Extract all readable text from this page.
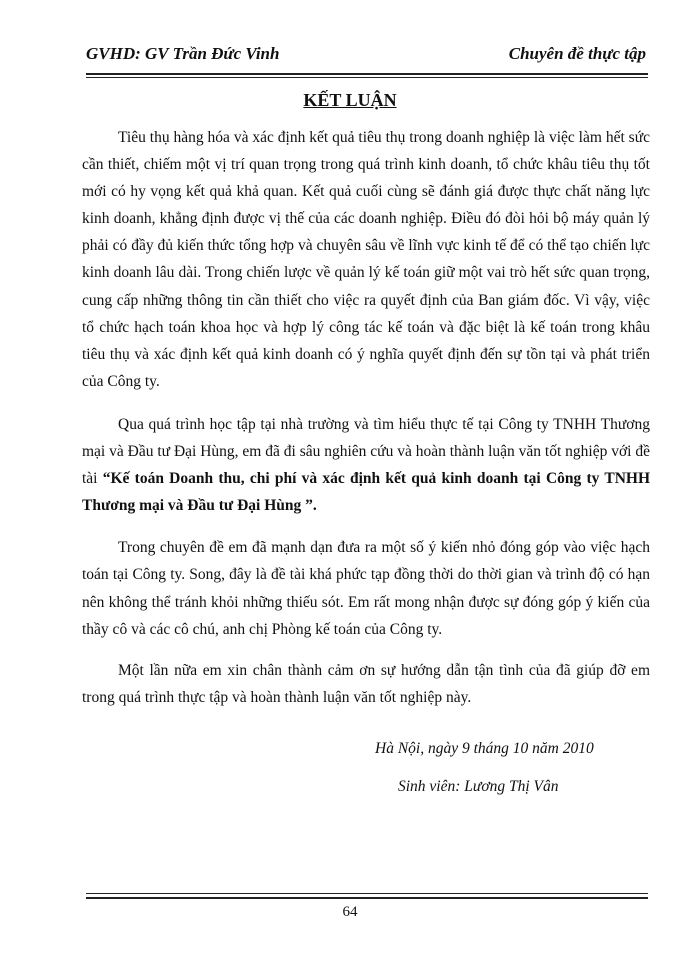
GVHD: GV Trần Đức Vinh	Chuyên đề thực tập
KẾT LUẬN

Tiêu thụ hàng hóa và xác định kết quả tiêu thụ trong doanh nghiệp là việc làm hết sức cần thiết, chiếm một vị trí quan trọng trong quá trình kinh doanh, tổ chức khâu tiêu thụ tốt mới có hy vọng kết quả khả quan. Kết quả cuối cùng sẽ đánh giá được thực chất năng lực kinh doanh, khẳng định được vị thế của các doanh nghiệp. Điều đó đòi hỏi bộ máy quản lý phải có đầy đủ kiến thức tổng hợp và chuyên sâu về lĩnh vực kinh tế để có thể tạo chiến lực kinh doanh lâu dài. Trong chiến lược về quản lý kế toán giữ một vai trò hết sức quan trọng, cung cấp những thông tin cần thiết cho việc ra quyết định của Ban giám đốc. Vì vậy, việc tổ chức hạch toán khoa học và hợp lý công tác kế toán và đặc biệt là kế toán trong khâu tiêu thụ và xác định kết quả kinh doanh có ý nghĩa quyết định đến sự tồn tại và phát triển của Công ty.

Qua quá trình học tập tại nhà trường và tìm hiểu thực tế tại Công ty TNHH Thương mại và Đầu tư Đại Hùng, em đã đi sâu nghiên cứu và hoàn thành luận văn tốt nghiệp với đề tài “Kế toán Doanh thu, chi phí và xác định kết quả kinh doanh tại Công ty TNHH Thương mại và Đầu tư Đại Hùng ”.

Trong chuyên đề em đã mạnh dạn đưa ra một số ý kiến nhỏ đóng góp vào việc hạch toán tại Công ty. Song, đây là đề tài khá phức tạp đồng thời do thời gian và trình độ có hạn nên không thể tránh khỏi những thiếu sót. Em rất mong nhận được sự đóng góp ý kiến của thầy cô và các cô chú, anh chị Phòng kế toán của Công ty.

Một lần nữa em xin chân thành cảm ơn sự hướng dẫn tận tình của đã giúp đỡ em trong quá trình thực tập và hoàn thành luận văn tốt nghiệp này.

Hà Nội, ngày 9 tháng 10 năm 2010
Sinh viên: Lương Thị Vân
64
